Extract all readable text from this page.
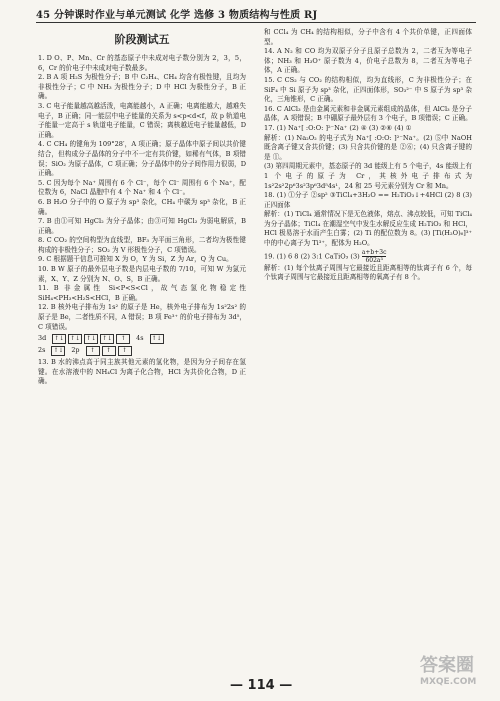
45 分钟课时作业与单元测试 化学 选修 3 物质结构与性质 RJ
阶段测试五

1. D O、P、Mn、Cr 的基态原子中未成对电子数分别为 2，3，5，6，Cr 的价电子中未成对电子数最多。

2. B A 项 H₂S 为极性分子；B 中 C₂H₄、CH₄ 均含有极性键，且均为非极性分子；C 中 NH₃ 为极性分子；D 中 HCl 为极性分子，B 正确。

3. C 电子能量越高越活泼，电离能越小，A 正确；电离能越大，越难失电子，B 正确；同一能层中电子能量的关系为 s<p<d<f，故 p 轨道电子能量一定高于 s 轨道电子能量，C 错误；离核越近电子能量越低，D 正确。

4. C CH₄ 的键角为 109°28′，A 项正确；原子晶体中原子间以共价键结合，但构成分子晶体的分子中不一定有共价键，如稀有气体，B 项错误；SiO₂ 为原子晶体，C 项正确；分子晶体中的分子间作用力很弱，D 正确。

5. C 因为每个 Na⁺ 周围有 6 个 Cl⁻，每个 Cl⁻ 周围有 6 个 Na⁺，配位数为 6，NaCl 晶胞中有 4 个 Na⁺ 和 4 个 Cl⁻。

6. B H₂O 分子中的 O 原子为 sp³ 杂化，CH₄ 中碳为 sp³ 杂化，B 正确。

7. B 由①可知 HgCl₂ 为分子晶体；由③可知 HgCl₂ 为弱电解质，B 正确。

8. C CO₂ 的空间构型为直线型，BF₃ 为平面三角形，二者均为极性键构成的非极性分子；SO₂ 为 V 形极性分子，C 项错误。

9. C 根据题干信息可推知 X 为 O，Y 为 Si，Z 为 Ar，Q 为 Cu。

10. B W 原子的最外层电子数是内层电子数的 7/10，可知 W 为氯元素，X、Y、Z 分别为 N、O、S，B 正确。

11. B 非金属性 Si<P<S<Cl，故气态氢化物稳定性 SiH₄<PH₃<H₂S<HCl，B 正确。

12. B 核外电子排布为 1s² 的原子是 He，核外电子排布为 1s²2s² 的原子是 Be，二者性质不同，A 错误；B 项 Fe³⁺ 的价电子排布为 3d⁵，C 项错误。

3d	↑↓ ↑↓ ↑↓ ↑↓	↑	4s	↑↓
2s	↑↓	2p	↑	↑	↑

13. B 水的沸点高于同主族其他元素的氢化物，是因为分子间存在氢键。在水溶液中的 NH₄Cl 为离子化合物，HCl 为共价化合物，D 正确。

和 CCl₄ 为 CH₄ 的结构相似，分子中含有 4 个共价单键，正四面体型。

14. A N₂ 和 CO 均为双原子分子且原子总数为 2，二者互为等电子体；NH₃ 和 H₃O⁺ 原子数为 4，价电子总数为 8，二者互为等电子体，A 正确。

15. C CS₂ 与 CO₂ 的结构相似，均为直线形，C 为非极性分子；在 SiF₄ 中 Si 原子为 sp³ 杂化，正四面体形，SO₃²⁻ 中 S 原子为 sp³ 杂化，三角锥形，C 正确。

16. C AlCl₃ 是由金属元素和非金属元素组成的晶体，但 AlCl₃ 是分子晶体，A 项错误；B 中硼原子最外层有 3 个电子，B 项错误；C 正确。

17. (1) Na⁺[ :O:O: ]²⁻Na⁺ (2) ④ (3) ②⑥ (4) ①

解析：(1) Na₂O₂ 的电子式为 Na⁺[ :O:O: ]²⁻Na⁺。(2) ⑤中 NaOH 既含离子键又含共价键；(3) 只含共价键的是 ②⑥；(4) 只含离子键的是 ①。

(3) 第四周期元素中，基态原子的 3d 能级上有 5 个电子，4s 能级上有 1 个电子的原子为 Cr，其核外电子排布式为 1s²2s²2p⁶3s²3p⁶3d⁵4s¹，24 和 25 号元素分别为 Cr 和 Mn。

18. (1) ①分子 ②sp² ③TiCl₄+3H₂O == H₂TiO₃↓+4HCl (2) 8 (3) 正四面体

解析：(1) TiCl₄ 通常情况下是无色液体，熔点、沸点较低，可知 TiCl₄ 为分子晶体；TiCl₄ 在潮湿空气中发生水解反应生成 H₂TiO₃ 和 HCl，HCl 极易溶于水而产生白雾；(2) Ti 的配位数为 8。(3) [Ti(H₂O)₆]³⁺ 中的中心离子为 Ti³⁺，配体为 H₂O。

19. (1) 6 8 (2) 3:1 CaTiO₃ $(3) \frac{a+b+3c}{\text{602a³}}$

解析：(1) 每个钛离子周围与它最接近且距离相等的钛离子有 6 个，每个钛离子周围与它最接近且距离相等的氧离子有 8 个。

— 114 —
答案圈
MXQE.COM
